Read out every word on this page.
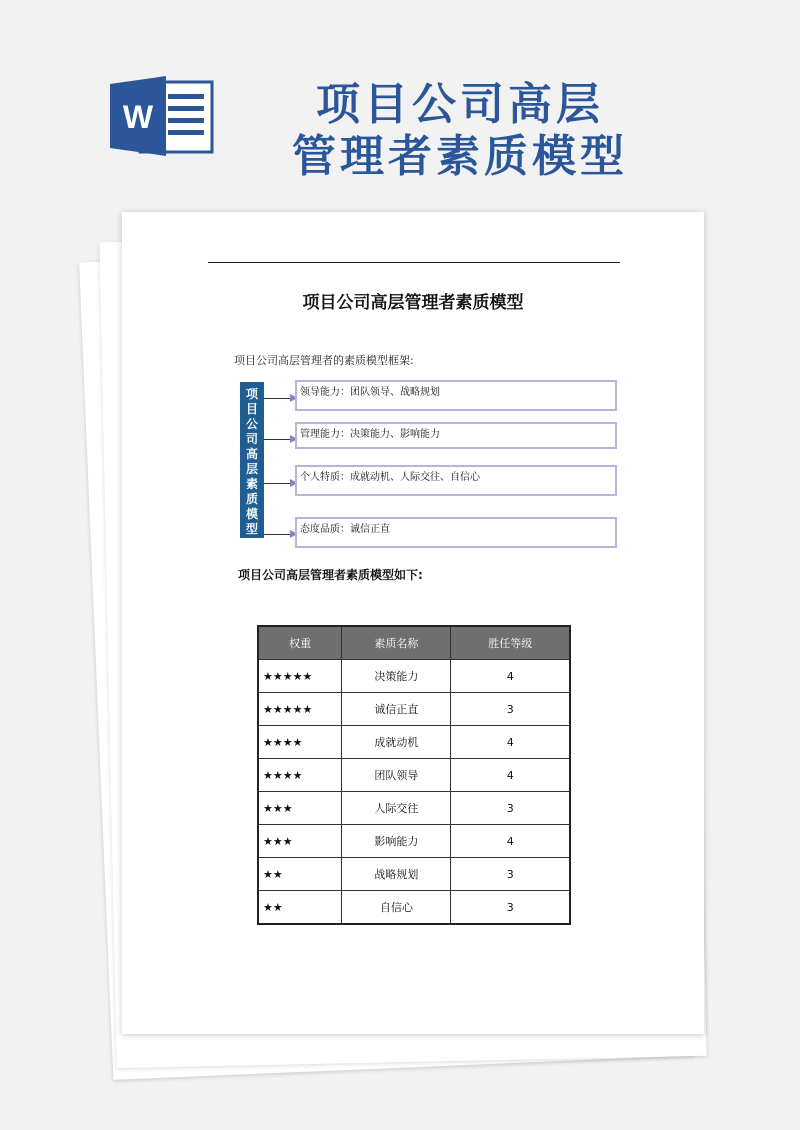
W	项目公司高层
管理者素质模型
项目公司高层管理者素质模型
项目公司高层管理者的素质模型框架:
项
目
公
司
高
层
素
质
模
型
领导能力：团队领导、战略规划
管理能力：决策能力、影响能力
个人特质：成就动机、人际交往、自信心
态度品质：诚信正直
项目公司高层管理者素质模型如下:
权重	素质名称	胜任等级
★★★★★	决策能力	4
★★★★★	诚信正直	3
★★★★	成就动机	4
★★★★	团队领导	4
★★★	人际交往	3
★★★	影响能力	4
★★	战略规划	3
★★	自信心	3
